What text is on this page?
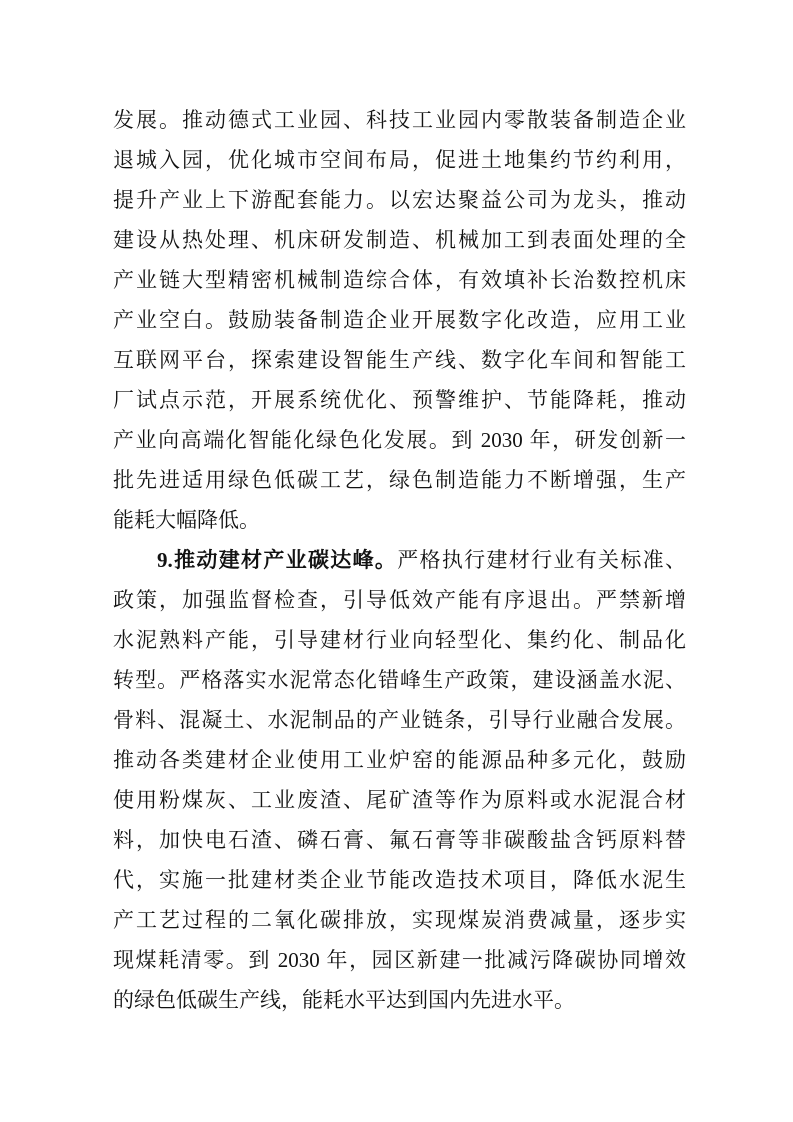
发展。推动德式工业园、科技工业园内零散装备制造企业
退城入园，优化城市空间布局，促进土地集约节约利用，
提升产业上下游配套能力。以宏达聚益公司为龙头，推动
建设从热处理、机床研发制造、机械加工到表面处理的全
产业链大型精密机械制造综合体，有效填补长治数控机床
产业空白。鼓励装备制造企业开展数字化改造，应用工业
互联网平台，探索建设智能生产线、数字化车间和智能工
厂试点示范，开展系统优化、预警维护、节能降耗，推动
产业向高端化智能化绿色化发展。到 2030 年，研发创新一
批先进适用绿色低碳工艺，绿色制造能力不断增强，生产
能耗大幅降低。
9.推动建材产业碳达峰。严格执行建材行业有关标准、
政策，加强监督检查，引导低效产能有序退出。严禁新增
水泥熟料产能，引导建材行业向轻型化、集约化、制品化
转型。严格落实水泥常态化错峰生产政策，建设涵盖水泥、
骨料、混凝土、水泥制品的产业链条，引导行业融合发展。
推动各类建材企业使用工业炉窑的能源品种多元化，鼓励
使用粉煤灰、工业废渣、尾矿渣等作为原料或水泥混合材
料，加快电石渣、磷石膏、氟石膏等非碳酸盐含钙原料替
代，实施一批建材类企业节能改造技术项目，降低水泥生
产工艺过程的二氧化碳排放，实现煤炭消费减量，逐步实
现煤耗清零。到 2030 年，园区新建一批减污降碳协同增效
的绿色低碳生产线，能耗水平达到国内先进水平。
